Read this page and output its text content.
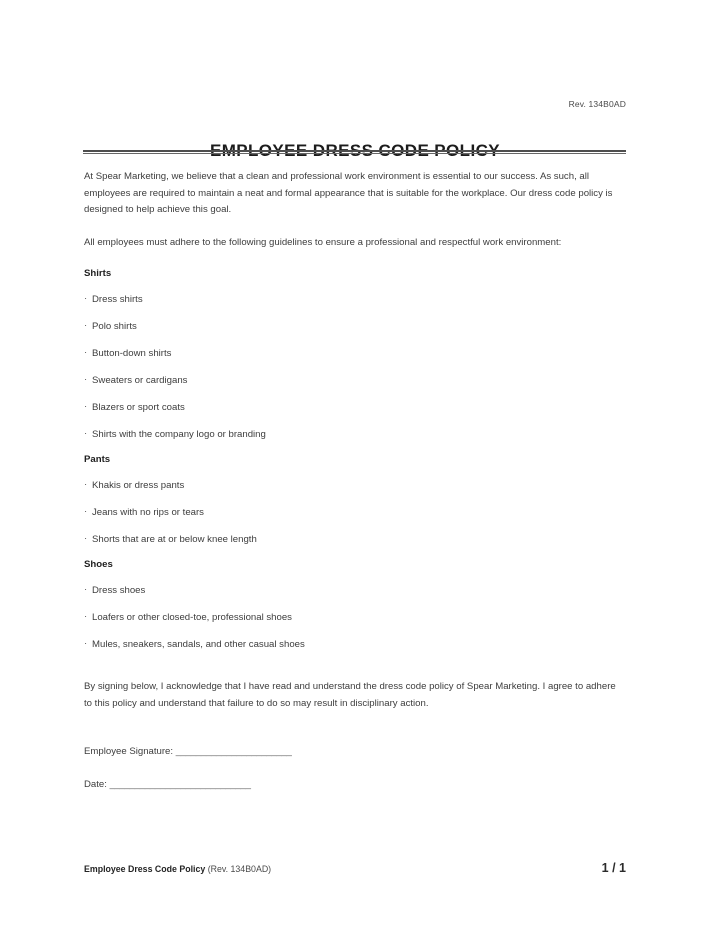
Rev. 134B0AD

At Spear Marketing, we believe that a clean and professional work environment is essential to our success. As such, all employees are required to maintain a neat and formal appearance that is suitable for the workplace. Our dress code policy is designed to help achieve this goal.

All employees must adhere to the following guidelines to ensure a professional and respectful work environment:

Shirts
· Dress shirts
· Polo shirts
· Button-down shirts
· Sweaters or cardigans
· Blazers or sport coats
· Shirts with the company logo or branding
Pants
· Khakis or dress pants
· Jeans with no rips or tears
· Shorts that are at or below knee length
Shoes
· Dress shoes
· Loafers or other closed-toe, professional shoes
· Mules, sneakers, sandals, and other casual shoes

By signing below, I acknowledge that I have read and understand the dress code policy of Spear Marketing. I agree to adhere to this policy and understand that failure to do so may result in disciplinary action.

Employee Signature: _______________________
Date: ____________________________
Employee Dress Code Policy (Rev. 134B0AD)	1 / 1
